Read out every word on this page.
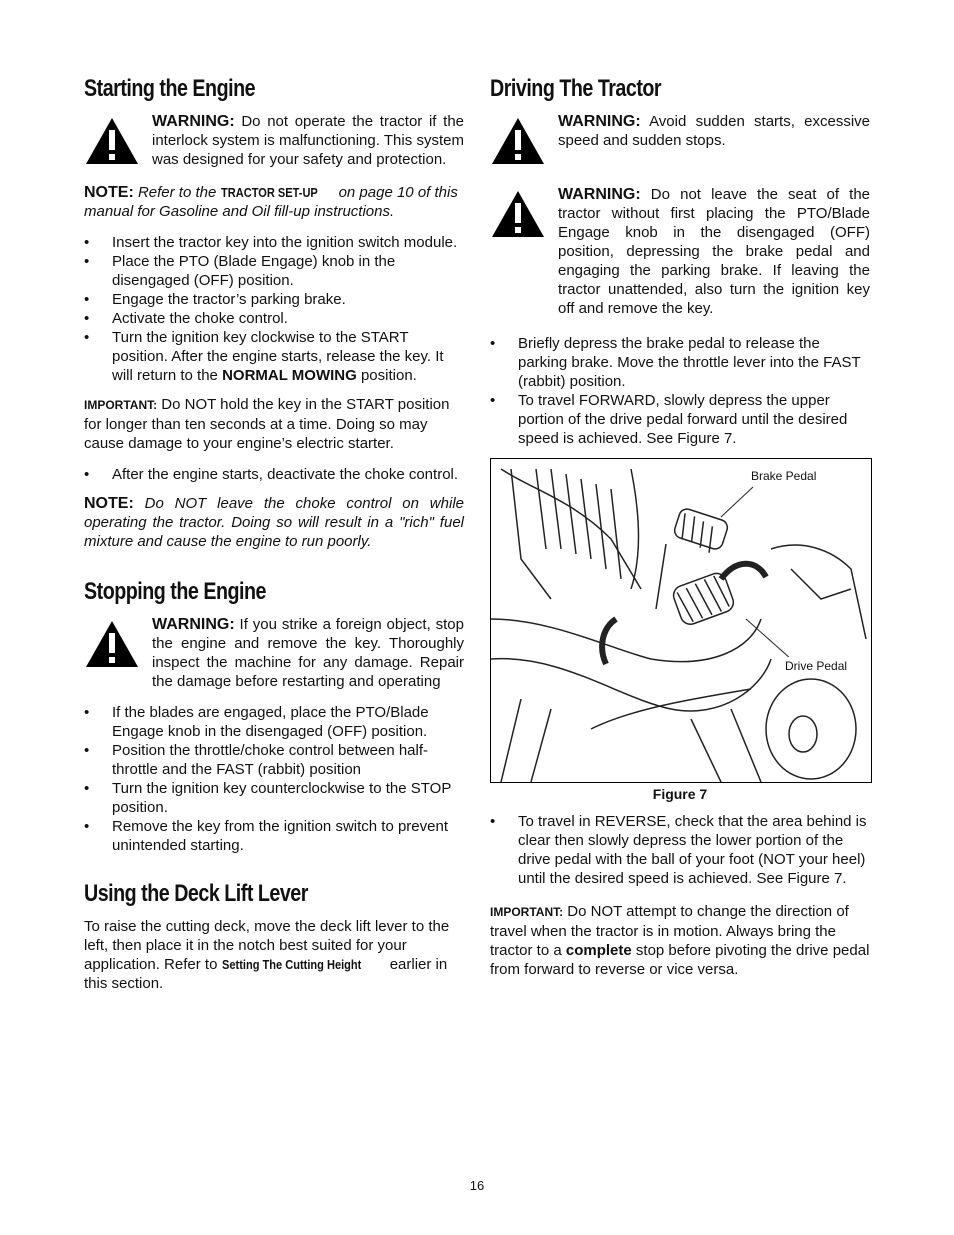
Starting the Engine
WARNING: Do not operate the tractor if the interlock system is malfunctioning. This system was designed for your safety and protection.

NOTE: Refer to the TRACTOR SET-UP on page 10 of this manual for Gasoline and Oil fill-up instructions.

• Insert the tractor key into the ignition switch module.
• Place the PTO (Blade Engage) knob in the disengaged (OFF) position.
• Engage the tractor’s parking brake.
• Activate the choke control.
• Turn the ignition key clockwise to the START position. After the engine starts, release the key. It will return to the NORMAL MOWING position.

IMPORTANT: Do NOT hold the key in the START position for longer than ten seconds at a time. Doing so may cause damage to your engine’s electric starter.

• After the engine starts, deactivate the choke control.

NOTE: Do NOT leave the choke control on while operating the tractor. Doing so will result in a "rich" fuel mixture and cause the engine to run poorly.

Stopping the Engine
WARNING: If you strike a foreign object, stop the engine and remove the key. Thoroughly inspect the machine for any damage. Repair the damage before restarting and operating
• If the blades are engaged, place the PTO/Blade Engage knob in the disengaged (OFF) position.
• Position the throttle/choke control between half-throttle and the FAST (rabbit) position
• Turn the ignition key counterclockwise to the STOP position.
• Remove the key from the ignition switch to prevent unintended starting.
Using the Deck Lift Lever

To raise the cutting deck, move the deck lift lever to the left, then place it in the notch best suited for your application. Refer to Setting The Cutting Height earlier in this section.

Driving The Tractor
WARNING: Avoid sudden starts, excessive speed and sudden stops.
WARNING: Do not leave the seat of the tractor without first placing the PTO/Blade Engage knob in the disengaged (OFF) position, depressing the brake pedal and engaging the parking brake. If leaving the tractor unattended, also turn the ignition key off and remove the key.
• Briefly depress the brake pedal to release the parking brake. Move the throttle lever into the FAST (rabbit) position.
• To travel FORWARD, slowly depress the upper portion of the drive pedal forward until the desired speed is achieved. See Figure 7.
Brake Pedal
Drive Pedal
Figure 7
• To travel in REVERSE, check that the area behind is clear then slowly depress the lower portion of the drive pedal with the ball of your foot (NOT your heel) until the desired speed is achieved. See Figure 7.

IMPORTANT: Do NOT attempt to change the direction of travel when the tractor is in motion. Always bring the tractor to a complete stop before pivoting the drive pedal from forward to reverse or vice versa.

16
